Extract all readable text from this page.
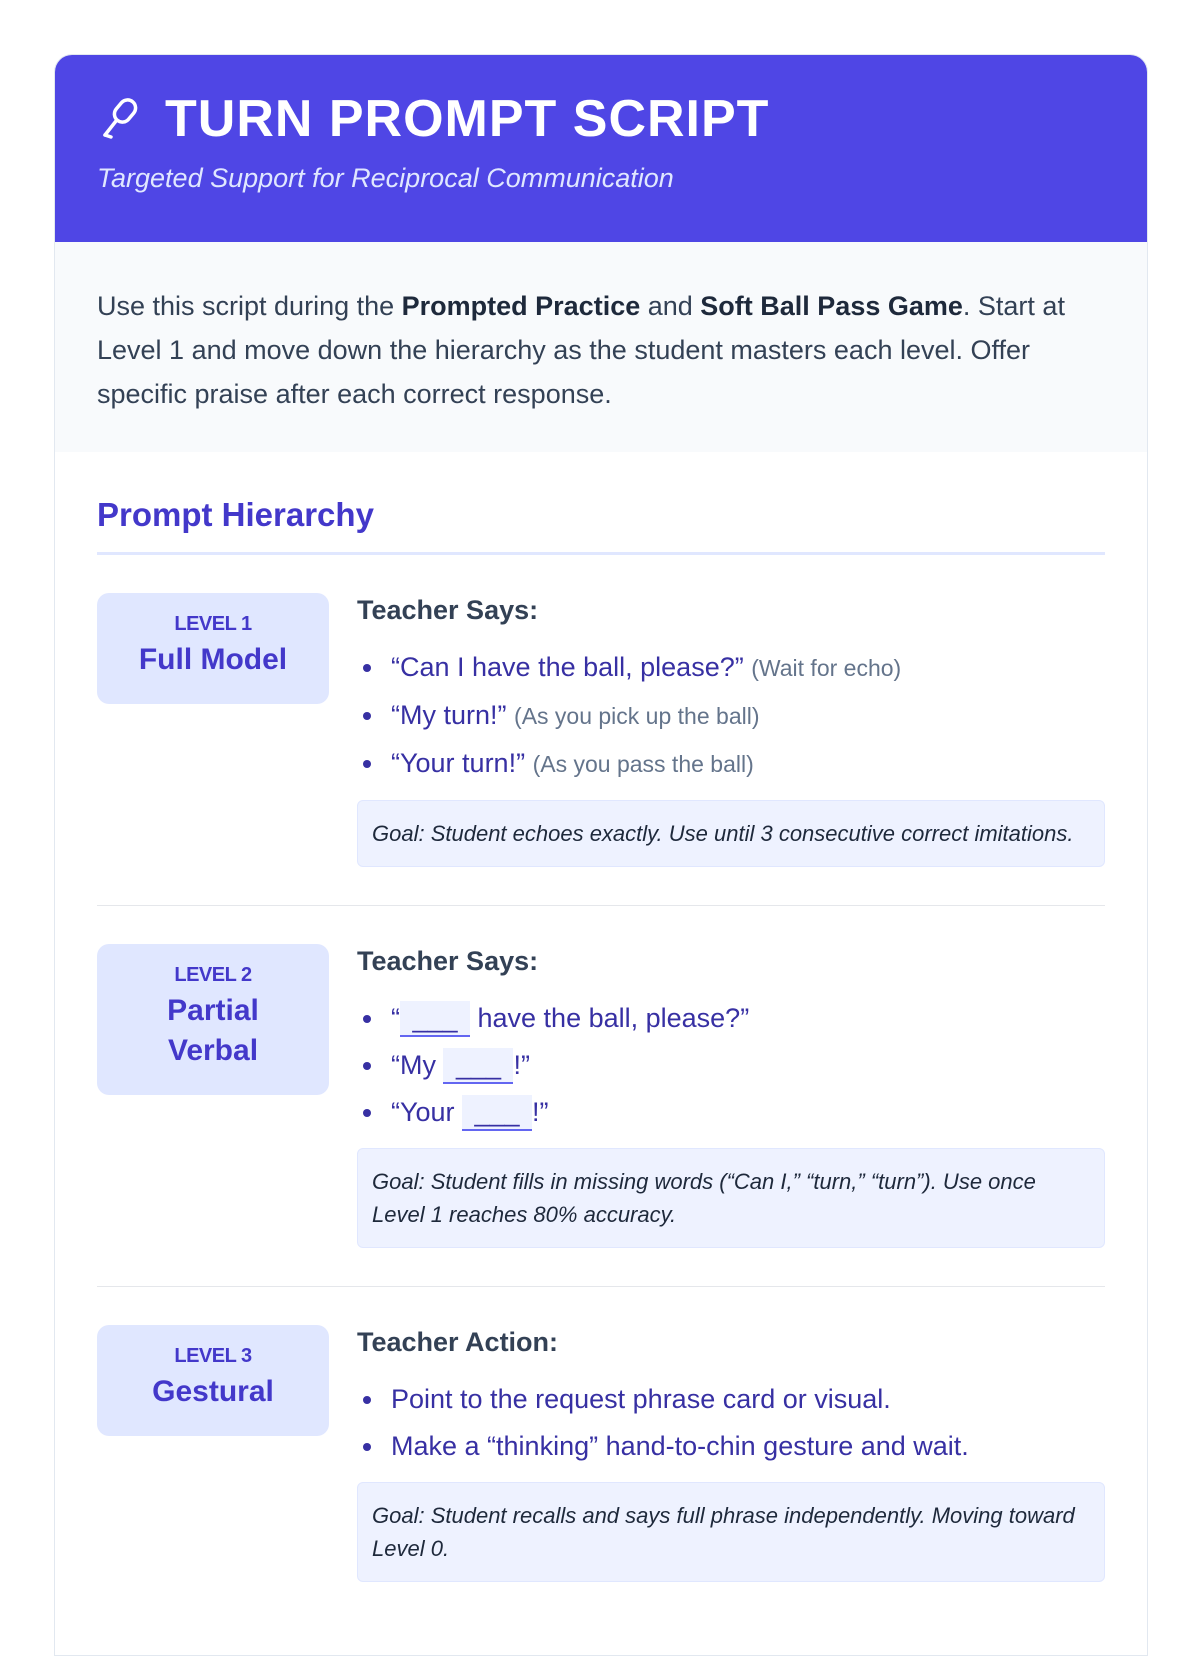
TURN PROMPT SCRIPT
Targeted Support for Reciprocal Communication
Use this script during the Prompted Practice and Soft Ball Pass Game. Start at Level 1 and move down the hierarchy as the student masters each level. Offer specific praise after each correct response.
Prompt Hierarchy
LEVEL 1
Full Model
Teacher Says:
“Can I have the ball, please?” (Wait for echo)
“My turn!” (As you pick up the ball)
“Your turn!” (As you pass the ball)
Goal: Student echoes exactly. Use until 3 consecutive correct imitations.
LEVEL 2
Partial Verbal
Teacher Says:
“ ___ have the ball, please?”
“My ___ !”
“Your ___ !”
Goal: Student fills in missing words (“Can I,” “turn,” “turn”). Use once Level 1 reaches 80% accuracy.
LEVEL 3
Gestural
Teacher Action:
Point to the request phrase card or visual.
Make a “thinking” hand-to-chin gesture and wait.
Goal: Student recalls and says full phrase independently. Moving toward Level 0.
